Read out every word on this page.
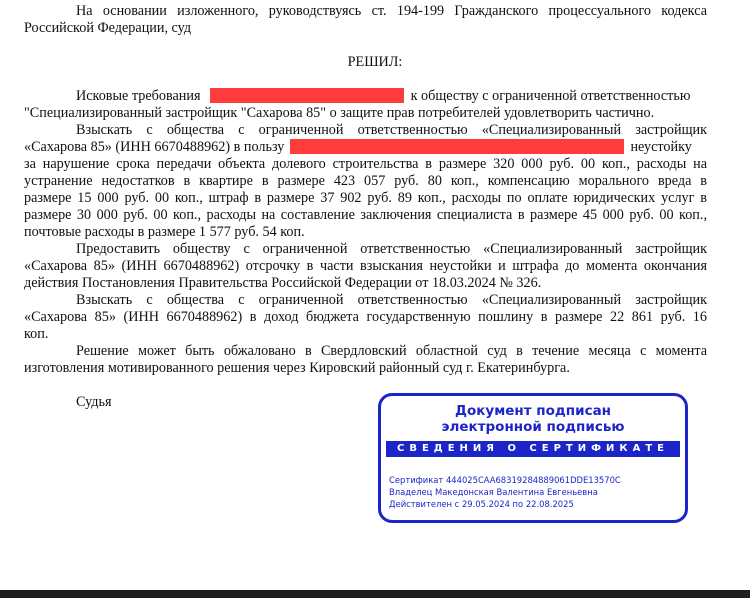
На основании изложенного, руководствуясь ст. 194-199 Гражданского процессуального кодекса
Российской Федерации, суд
РЕШИЛ:
Исковые требования	к обществу с ограниченной ответственностью
"Специализированный застройщик "Сахарова 85" о защите прав потребителей удовлетворить частично.
Взыскать с общества с ограниченной ответственностью «Специализированный застройщик
«Сахарова 85» (ИНН 6670488962) в пользу	неустойку
за нарушение срока передачи объекта долевого строительства в размере 320 000 руб. 00 коп., расходы на
устранение недостатков в квартире в размере 423 057 руб. 80 коп., компенсацию морального вреда в
размере 15 000 руб. 00 коп., штраф в размере 37 902 руб. 89 коп., расходы по оплате юридических услуг в
размере 30 000 руб. 00 коп., расходы на составление заключения специалиста в размере 45 000 руб. 00 коп.,
почтовые расходы в размере 1 577 руб. 54 коп.
Предоставить обществу с ограниченной ответственностью «Специализированный застройщик
«Сахарова 85» (ИНН 6670488962) отсрочку в части взыскания неустойки и штрафа до момента окончания
действия Постановления Правительства Российской Федерации от 18.03.2024 № 326.
Взыскать с общества с ограниченной ответственностью «Специализированный застройщик
«Сахарова 85» (ИНН 6670488962) в доход бюджета государственную пошлину в размере 22 861 руб. 16
коп.
Решение может быть обжаловано в Свердловский областной суд в течение месяца с момента
изготовления мотивированного решения через Кировский районный суд г. Екатеринбурга.
Судья
Документ подписан
электронной подписью
СВЕДЕНИЯ О СЕРТИФИКАТЕ ЭП
Сертификат 444025CAA68319284889061DDE13570C
Владелец Македонская Валентина Евгеньевна
Действителен с 29.05.2024 по 22.08.2025
